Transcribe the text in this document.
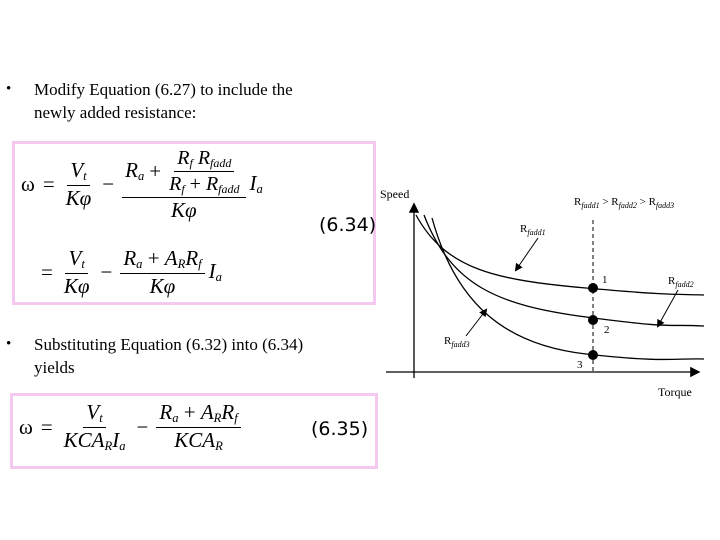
• Modify Equation (6.27) to include the
newly added resistance:
$\omega = \frac{V_t}{K\varphi}$ −
$R_a + \frac{R_f R_{fadd}}{R_f + R_{fadd}}$
Kφ
$I_a$
(6.34)
= $\frac{V_t}{K\varphi} - \frac{R_a + A_RR_f}{K\varphi} I_a$
• Substituting Equation (6.32) into (6.34)
yields
$\omega = \frac{V_t}{KCA_RI_a} - \frac{R_a + A_RR_f}{KCA_R}$	(6.35)
Speed
Torque
1
2
3
$R_{fadd1} > R_{fadd2} > R_{fadd3}$
$R_{fadd1}$
$R_{fadd2}$
$R_{fadd3}$
